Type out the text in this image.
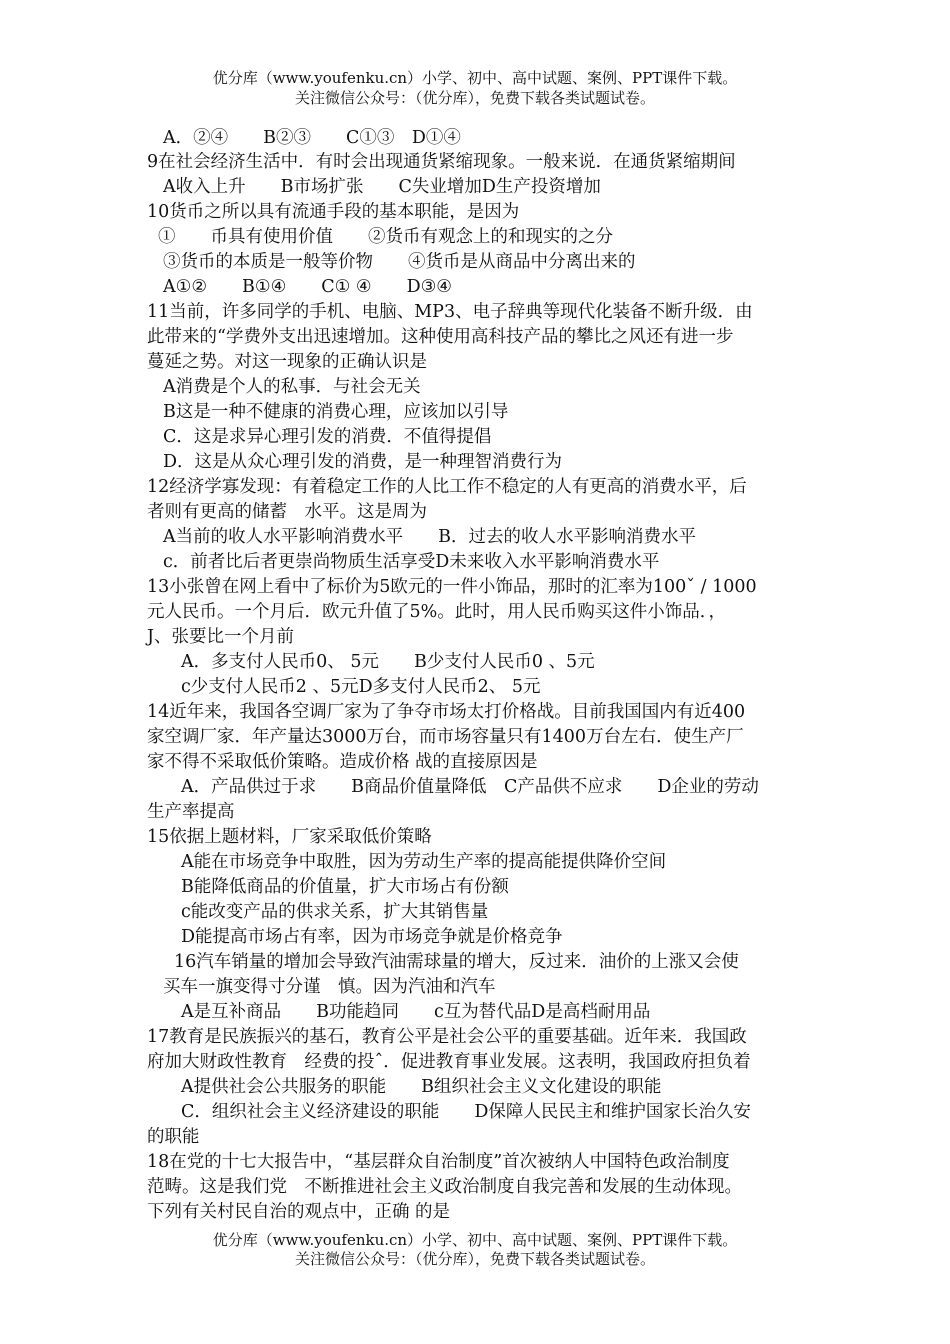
优分库（www.youfenku.cn）小学、初中、高中试题、案例、PPT课件下载。
关注微信公众号：（优分库），免费下载各类试题试卷。
A．②④　　B②③　　C①③　D①④
9在社会经济生活中．有时会出现通货紧缩现象。一般来说．在通货紧缩期间
A收入上升　　B市场扩张　　C失业增加D生产投资增加
10货币之所以具有流通手段的基本职能，是因为
①　　币具有使用价值　　②货币有观念上的和现实的之分
③货币的本质是一般等价物　　④货币是从商品中分离出来的
A①②　　B①④　　C① ④　　D③④
11当前，许多同学的手机、电脑、MP3、电子辞典等现代化装备不断升级．由
此带来的“学费外支出迅速增加。这种使用高科技产品的攀比之风还有进一步
蔓延之势。对这一现象的正确认识是
A消费是个人的私事．与社会无关
B这是一种不健康的消费心理，应该加以引导
C．这是求异心理引发的消费．不值得提倡
D．这是从众心理引发的消费，是一种理智消费行为
12经济学寡发现：有着稳定工作的人比工作不稳定的人有更高的消费水平，后
者则有更高的储蓄　水平。这是周为
A当前的收人水平影响消费水平　　B．过去的收人水平影响消费水平
c．前者比后者更崇尚物质生活享受D未来收入水平影响消费水平
13小张曾在网上看中了标价为5欧元的一件小饰品，那时的汇率为100ˇ / 1000
元人民币。一个月后．欧元升值了5%。此时，用人民币购买这件小饰品．，
J、张要比一个月前
A．多支付人民币0、 5元　　B少支付人民币0 、5元
c少支付人民币2 、5元D多支付人民币2、 5元
14近年来，我国各空调厂家为了争夺市场太打价格战。目前我国国内有近400
家空调厂家．年产量达3000万台，而市场容量只有1400万台左右．使生产厂
家不得不采取低价策略。造成价格 战的直接原因是
A．产品供过于求　　B商品价值量降低　C产品供不应求　　D企业的劳动
生产率提高
15依据上题材料，厂家采取低价策略
A能在市场竞争中取胜，因为劳动生产率的提高能提供降价空间
B能降低商品的价值量，扩大市场占有份额
c能改变产品的供求关系，扩大其销售量
D能提高市场占有率，因为市场竞争就是价格竞争
16汽车销量的增加会导致汽油需球量的增大，反过来．油价的上涨又会使
买车一旗变得寸分谨　慎。因为汽油和汽车
A是互补商品　　B功能趋同　　c互为替代品D是高档耐用品
17教育是民族振兴的基石，教育公平是社会公平的重要基础。近年来．我国政
府加大财政性教育　经费的投ˆ．促进教育事业发展。这表明，我国政府担负着
A提供社会公共服务的职能　　B组织社会主义文化建设的职能
C．组织社会主义经济建设的职能　　D保障人民民主和维护国家长治久安
的职能
18在党的十七大报告中，“基层群众自治制度”首次被纳人中国特色政治制度
范畴。这是我们党　不断推进社会主义政治制度自我完善和发展的生动体现。
下列有关村民自治的观点中，正确 的是
优分库（www.youfenku.cn）小学、初中、高中试题、案例、PPT课件下载。
关注微信公众号：（优分库），免费下载各类试题试卷。
